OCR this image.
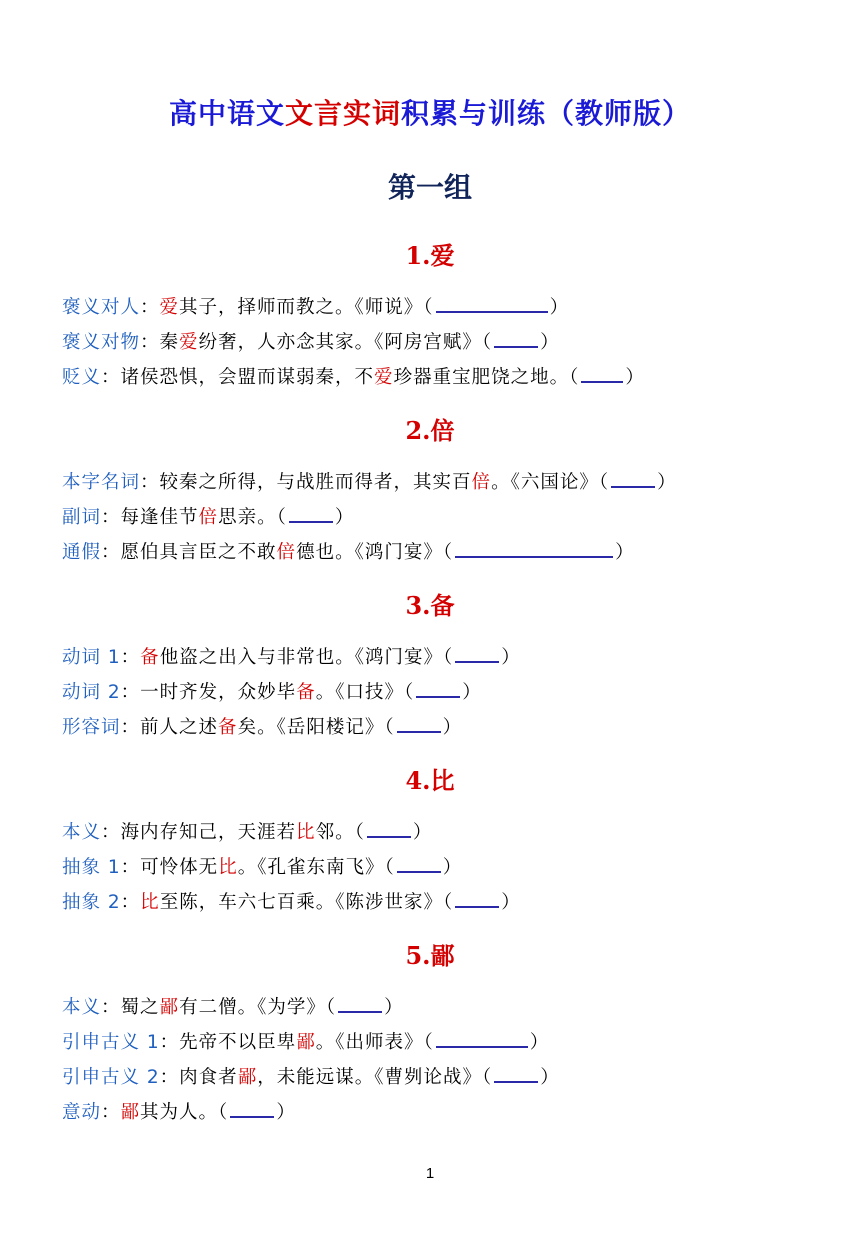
高中语文文言实词积累与训练（教师版）
第一组
1.爱
褒义对人：爱其子，择师而教之。《师说》（	）
褒义对物：秦爱纷奢，人亦念其家。《阿房宫赋》（	）
贬义：诸侯恐惧，会盟而谋弱秦，不爱珍器重宝肥饶之地。（ ）
2.倍
本字名词：较秦之所得，与战胜而得者，其实百倍。《六国论》（	）
副词：每逢佳节倍思亲。（	）
通假：愿伯具言臣之不敢倍德也。《鸿门宴》（	）
3.备
动词 1：备他盗之出入与非常也。《鸿门宴》（	）
动词 2：一时齐发，众妙毕备。《口技》（	）
形容词：前人之述备矣。《岳阳楼记》（	）
4.比
本义：海内存知己，天涯若比邻。（	）
抽象 1：可怜体无比。《孔雀东南飞》（	）
抽象 2：比至陈，车六七百乘。《陈涉世家》（	）
5.鄙
本义：蜀之鄙有二僧。《为学》（	）
引申古义 1：先帝不以臣卑鄙。《出师表》（	）
引申古义 2：肉食者鄙，未能远谋。《曹刿论战》（	）
意动：鄙其为人。（	）
1
